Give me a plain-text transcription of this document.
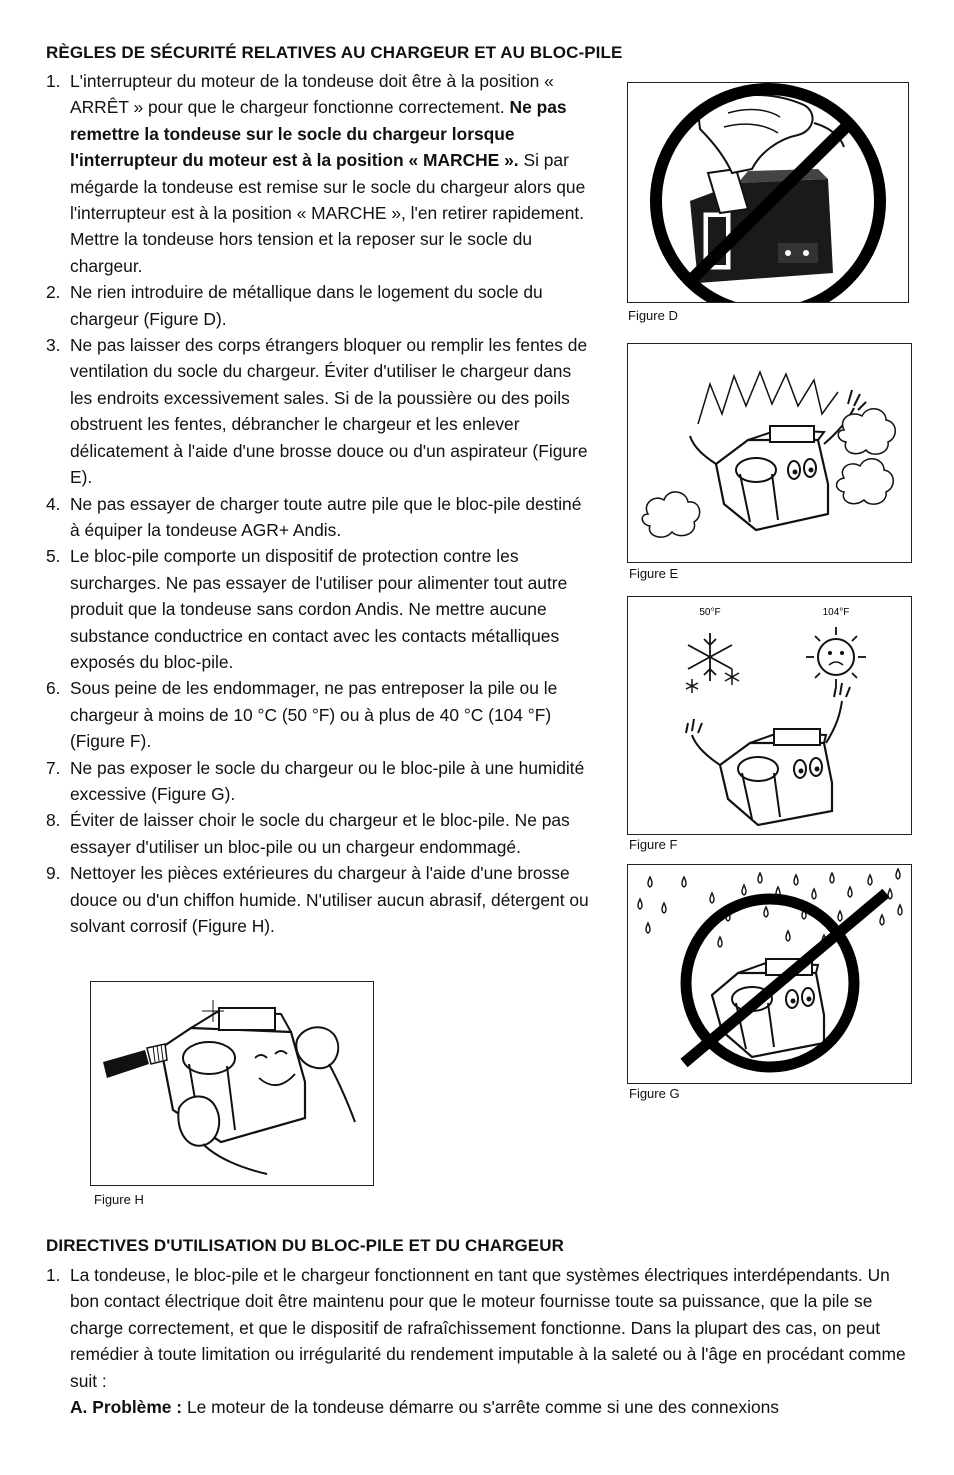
RÈGLES DE SÉCURITÉ RELATIVES AU CHARGEUR ET AU BLOC-PILE
1. L'interrupteur du moteur de la tondeuse doit être à la position « ARRÊT » pour que le chargeur fonctionne correctement. Ne pas remettre la tondeuse sur le socle du chargeur lorsque l'interrupteur du moteur est à la position « MARCHE ». Si par mégarde la tondeuse est remise sur le socle du chargeur alors que l'interrupteur est à la position « MARCHE », l'en retirer rapidement. Mettre la tondeuse hors tension et la reposer sur le socle du chargeur.
2. Ne rien introduire de métallique dans le logement du socle du chargeur (Figure D).
3. Ne pas laisser des corps étrangers bloquer ou remplir les fentes de ventilation du socle du chargeur. Éviter d'utiliser le chargeur dans les endroits excessivement sales. Si de la poussière ou des poils obstruent les fentes, débrancher le chargeur et les enlever délicatement à l'aide d'une brosse douce ou d'un aspirateur (Figure E).
4. Ne pas essayer de charger toute autre pile que le bloc-pile destiné à équiper la tondeuse AGR+ Andis.
5. Le bloc-pile comporte un dispositif de protection contre les surcharges. Ne pas essayer de l'utiliser pour alimenter tout autre produit que la tondeuse sans cordon Andis. Ne mettre aucune substance conductrice en contact avec les contacts métalliques exposés du bloc-pile.
6. Sous peine de les endommager, ne pas entreposer la pile ou le chargeur à moins de 10 °C (50 °F) ou à plus de 40 °C (104 °F) (Figure F).
7. Ne pas exposer le socle du chargeur ou le bloc-pile à une humidité excessive (Figure G).
8. Éviter de laisser choir le socle du chargeur et le bloc-pile. Ne pas essayer d'utiliser un bloc-pile ou un chargeur endommagé.
9. Nettoyer les pièces extérieures du chargeur à l'aide d'une brosse douce ou d'un chiffon humide. N'utiliser aucun abrasif, détergent ou solvant corrosif (Figure H).
Figure D
Figure E
50°F	104°F
Figure F
Figure G
Figure H
DIRECTIVES D'UTILISATION DU BLOC-PILE ET DU CHARGEUR
1. La tondeuse, le bloc-pile et le chargeur fonctionnent en tant que systèmes électriques interdépendants. Un bon contact électrique doit être maintenu pour que le moteur fournisse toute sa puissance, que la pile se charge correctement, et que le dispositif de rafraîchissement fonctionne. Dans la plupart des cas, on peut remédier à toute limitation ou irrégularité du rendement imputable à la saleté ou à l'âge en procédant comme suit :
A. Problème : Le moteur de la tondeuse démarre ou s'arrête comme si une des connexions
